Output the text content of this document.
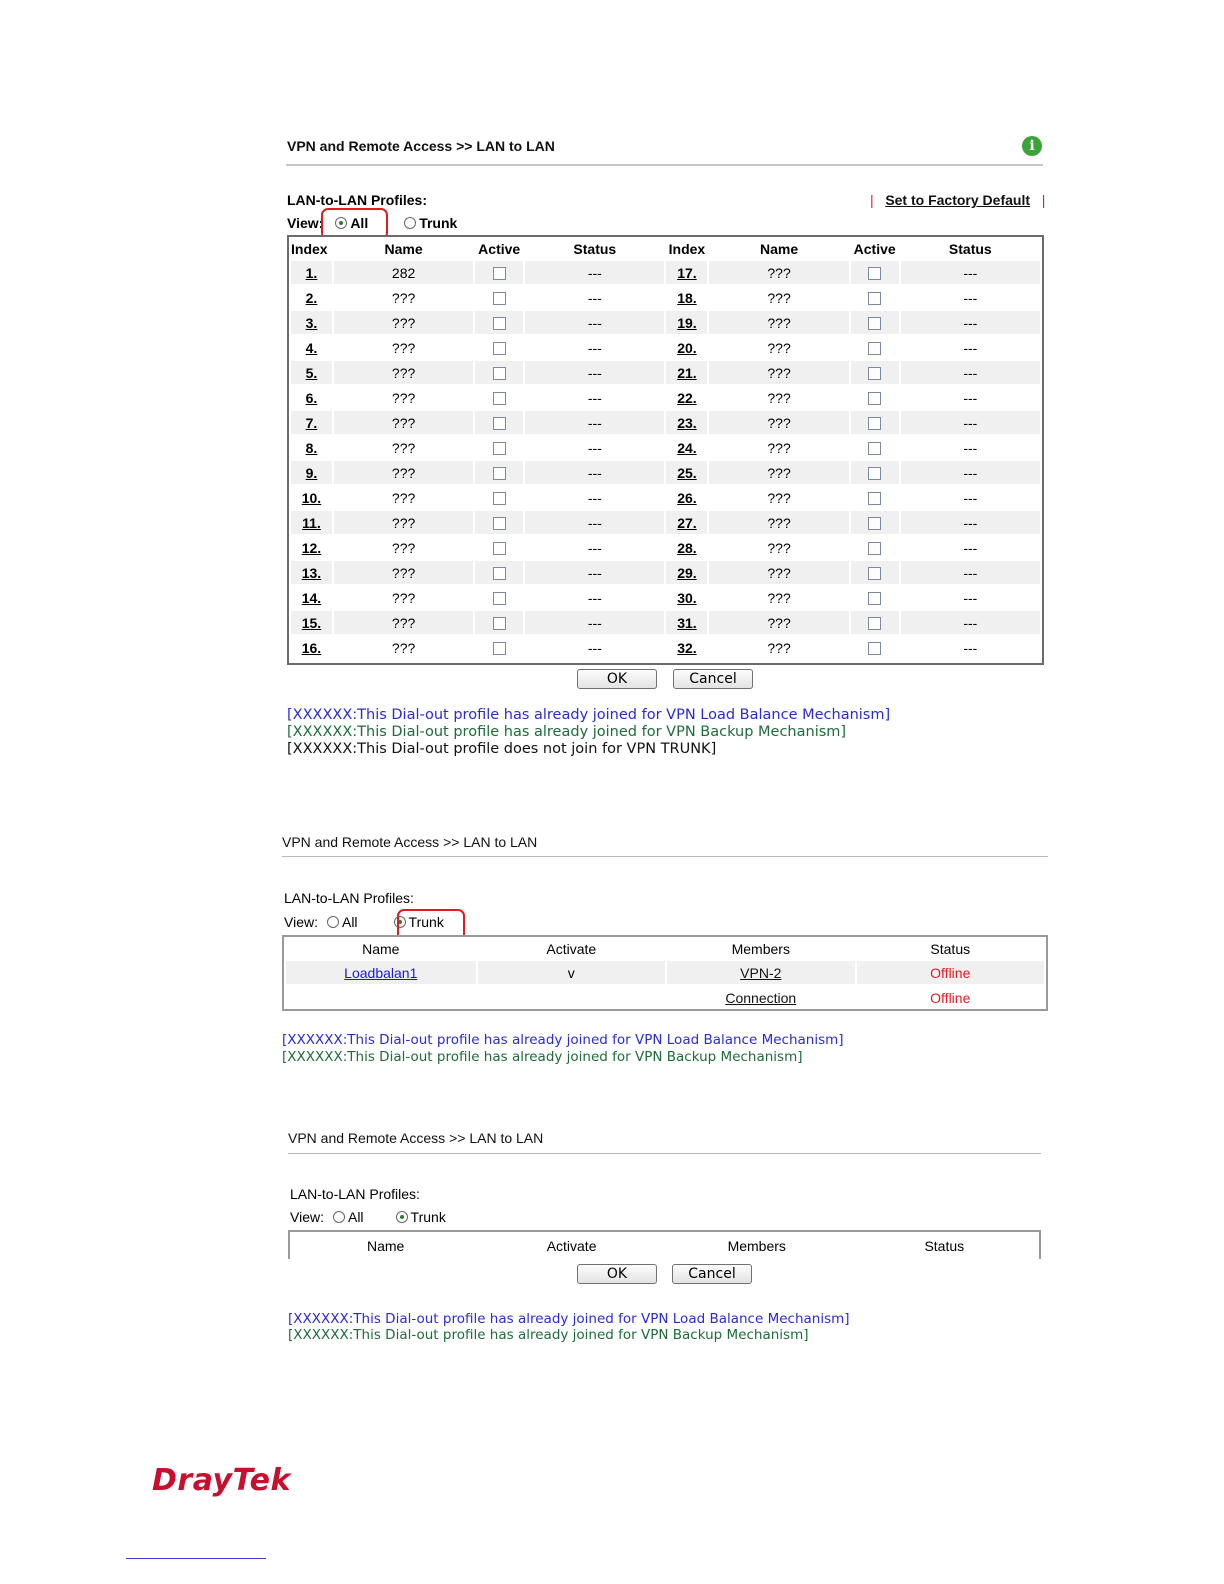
VPN and Remote Access >> LAN to LAN	i
LAN-to-LAN Profiles:	| Set to Factory Default |
View: All	Trunk
Index	Name	Active	Status	Index	Name	Active	Status
1.	282		---	17.	???		---
2.	???		---	18.	???		---
3.	???		---	19.	???		---
4.	???		---	20.	???		---
5.	???		---	21.	???		---
6.	???		---	22.	???		---
7.	???		---	23.	???		---
8.	???		---	24.	???		---
9.	???		---	25.	???		---
10.	???		---	26.	???		---
11.	???		---	27.	???		---
12.	???		---	28.	???		---
13.	???		---	29.	???		---
14.	???		---	30.	???		---
15.	???		---	31.	???		---
16.	???		---	32.	???		---
OK	Cancel
[XXXXXX:This Dial-out profile has already joined for VPN Load Balance Mechanism]
[XXXXXX:This Dial-out profile has already joined for VPN Backup Mechanism]
[XXXXXX:This Dial-out profile does not join for VPN TRUNK]
VPN and Remote Access >> LAN to LAN
LAN-to-LAN Profiles:
View: All	Trunk
Name	Activate	Members	Status
Loadbalan1	v	VPN-2	Offline
		Connection	Offline
[XXXXXX:This Dial-out profile has already joined for VPN Load Balance Mechanism]
[XXXXXX:This Dial-out profile has already joined for VPN Backup Mechanism]
VPN and Remote Access >> LAN to LAN
LAN-to-LAN Profiles:
View: All	Trunk
Name	Activate	Members	Status
OK	Cancel
[XXXXXX:This Dial-out profile has already joined for VPN Load Balance Mechanism]
[XXXXXX:This Dial-out profile has already joined for VPN Backup Mechanism]
DrayTek
